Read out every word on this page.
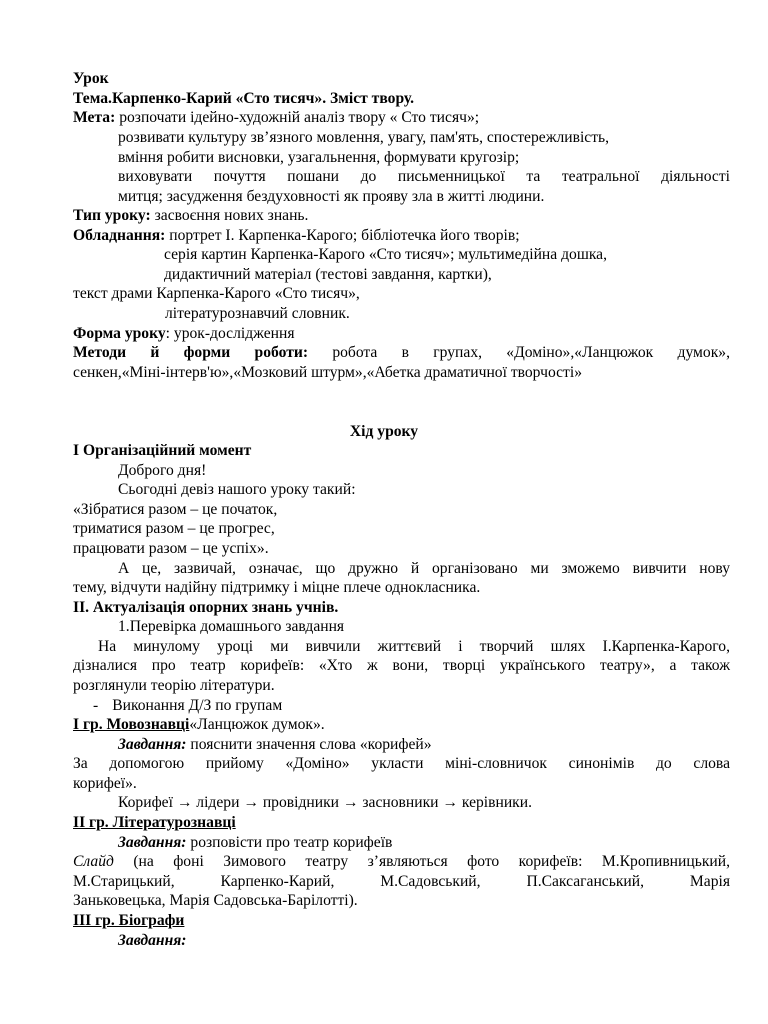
Урок
Тема.Карпенко-Карий «Сто тисяч». Зміст твору.
Мета: розпочати ідейно-художній аналіз твору « Сто тисяч»;
розвивати культуру зв’язного мовлення, увагу, пам'ять, спостережливість,
вміння робити висновки, узагальнення, формувати кругозір;
виховувати почуття пошани до письменницької та театральної діяльності
митця; засудження бездуховності як прояву зла в житті людини.
Тип уроку: засвоєння нових знань.
Обладнання: портрет І. Карпенка-Карого; бібліотечка його творів;
серія картин Карпенка-Карого «Сто тисяч»; мультимедійна дошка,
дидактичний матеріал (тестові завдання, картки),
текст драми Карпенка-Карого «Сто тисяч»,
літературознавчий словник.
Форма уроку: урок-дослідження
Методи й форми роботи: робота в групах, «Доміно»,«Ланцюжок думок»,
сенкен,«Міні-інтерв'ю»,«Мозковий штурм»,«Абетка драматичної творчості»
Хід уроку
І Організаційний момент
Доброго дня!
Сьогодні девіз нашого уроку такий:
«Зібратися разом – це початок,
триматися разом – це прогрес,
працювати разом – це успіх».
А це, зазвичай, означає, що дружно й організовано ми зможемо вивчити нову
тему, відчути надійну підтримку і міцне плече однокласника.
ІІ. Актуалізація опорних знань учнів.
1.Перевірка домашнього завдання
На минулому уроці ми вивчили життєвий і творчий шлях І.Карпенка-Карого,
дізналися про театр корифеїв: «Хто ж вони, творці українського театру», а також
розглянули теорію літератури.
- Виконання Д/З по групам
І гр. Мовознавці«Ланцюжок думок».
Завдання: пояснити значення слова «корифей»
За допомогою прийому «Доміно» укласти міні-словничок синонімів до слова
корифеї».
Корифеї → лідери → провідники → засновники → керівники.
ІІ гр. Літературознавці
Завдання: розповісти про театр корифеїв
Слайд (на фоні Зимового театру з’являються фото корифеїв: М.Кропивницький,
М.Старицький,      Карпенко-Карий,      М.Садовський,      П.Саксаганський,      Марія
Заньковецька, Марія Садовська-Барілотті).
ІІІ гр. Біографи
Завдання:
